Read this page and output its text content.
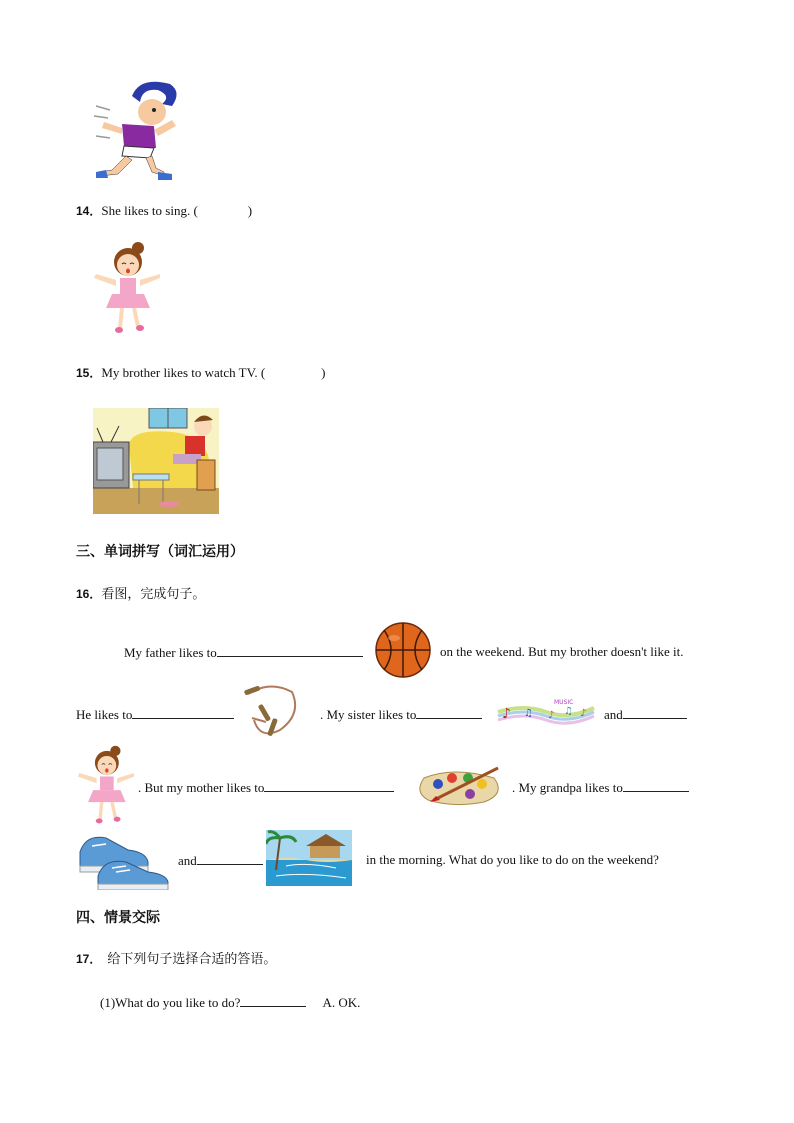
14．She likes to sing. (	)
15．My brother likes to watch TV. (	)
三、单词拼写（词汇运用）
16．看图，完成句子。
My father likes to	on the weekend. But my brother doesn't like it.
He likes to	. My sister likes to	♪ ♫ ♪ ♫ ♪
MUSIC
and
. But my mother likes to	. My grandpa likes to
and	in the morning. What do you like to do on the weekend?
四、情景交际
17． 给下列句子选择合适的答语。
(1)What do you like to do?	A. OK.
